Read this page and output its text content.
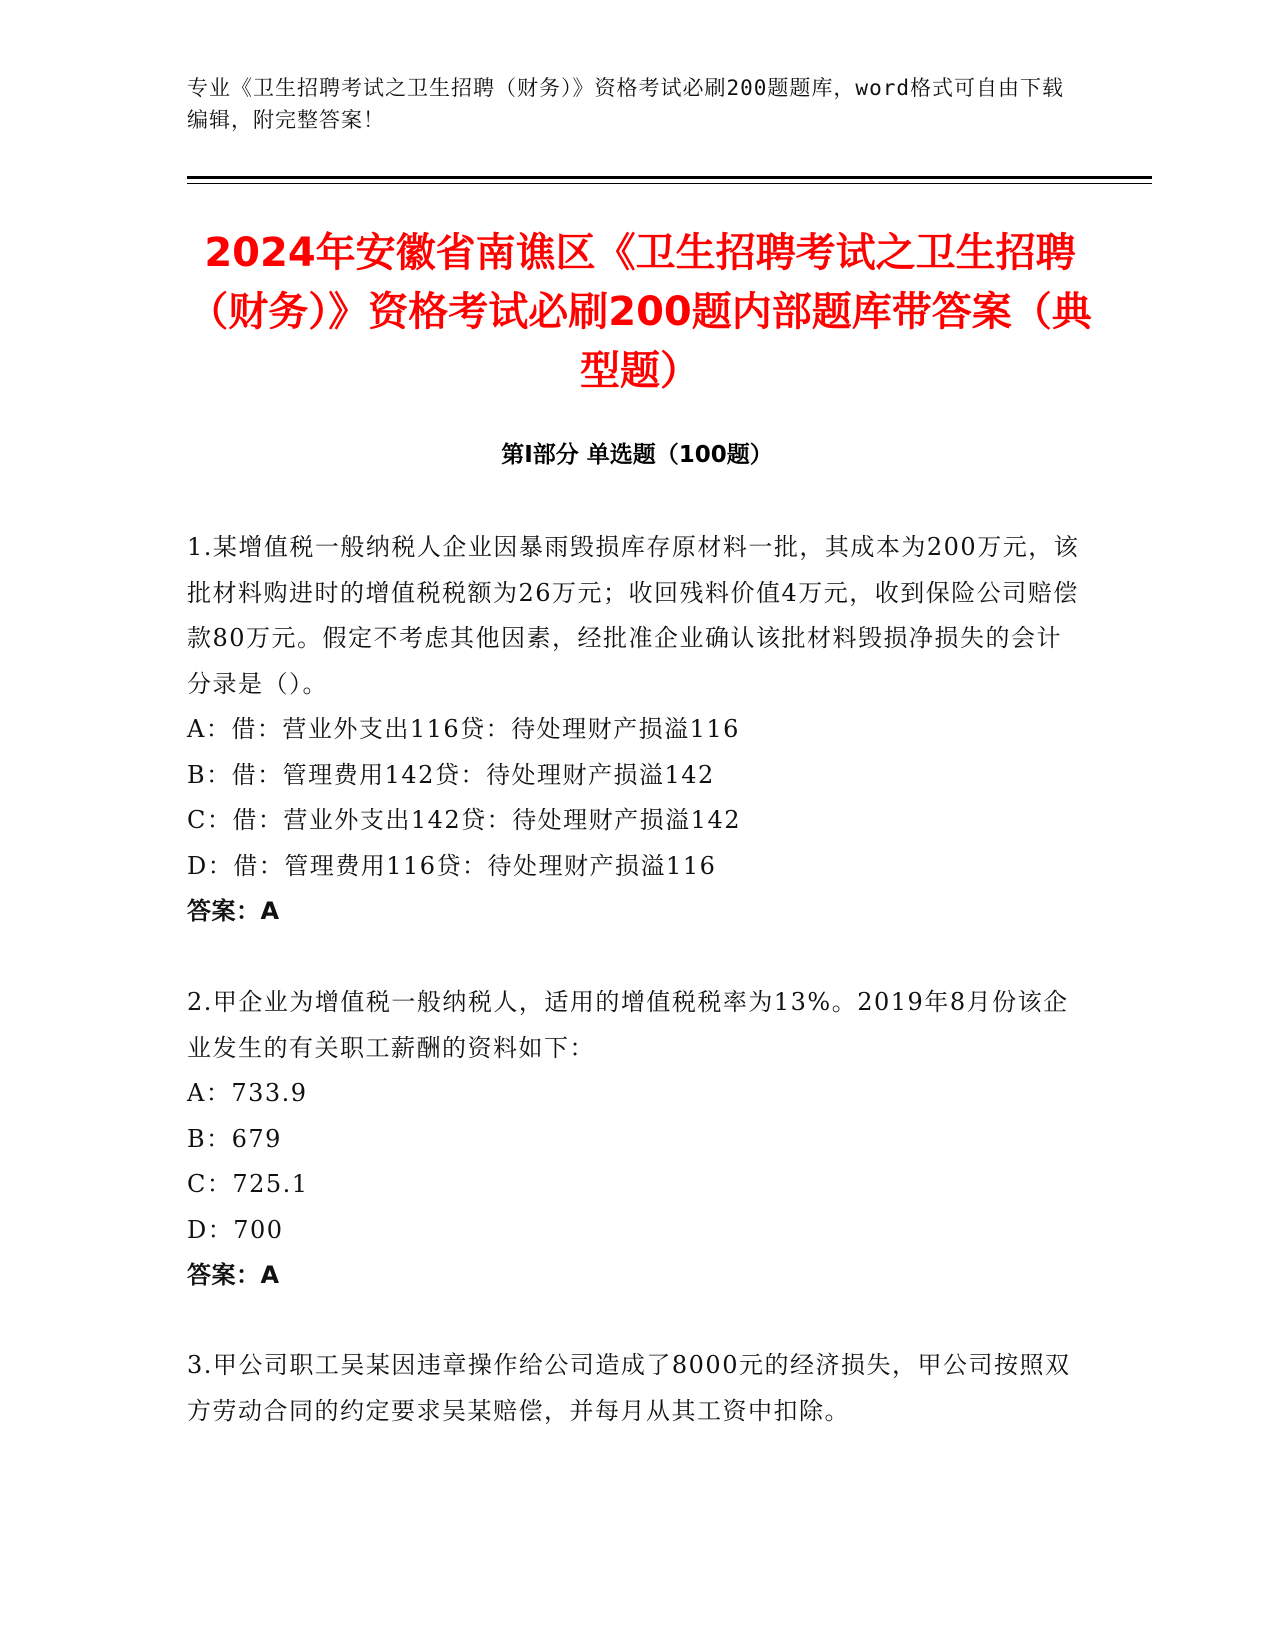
专业《卫生招聘考试之卫生招聘（财务）》资格考试必刷200题题库，word格式可自由下载编辑，附完整答案！
2024年安徽省南谯区《卫生招聘考试之卫生招聘（财务）》资格考试必刷200题内部题库带答案（典型题）
第I部分 单选题（100题）

1.某增值税一般纳税人企业因暴雨毁损库存原材料一批，其成本为200万元，该批材料购进时的增值税税额为26万元；收回残料价值4万元，收到保险公司赔偿款80万元。假定不考虑其他因素，经批准企业确认该批材料毁损净损失的会计分录是（）。

A：借：营业外支出116贷：待处理财产损溢116

B：借：管理费用142贷：待处理财产损溢142

C：借：营业外支出142贷：待处理财产损溢142

D：借：管理费用116贷：待处理财产损溢116

答案：A

2.甲企业为增值税一般纳税人，适用的增值税税率为13%。2019年8月份该企业发生的有关职工薪酬的资料如下：

A：733.9

B：679

C：725.1

D：700

答案：A

3.甲公司职工吴某因违章操作给公司造成了8000元的经济损失，甲公司按照双方劳动合同的约定要求吴某赔偿，并每月从其工资中扣除。
